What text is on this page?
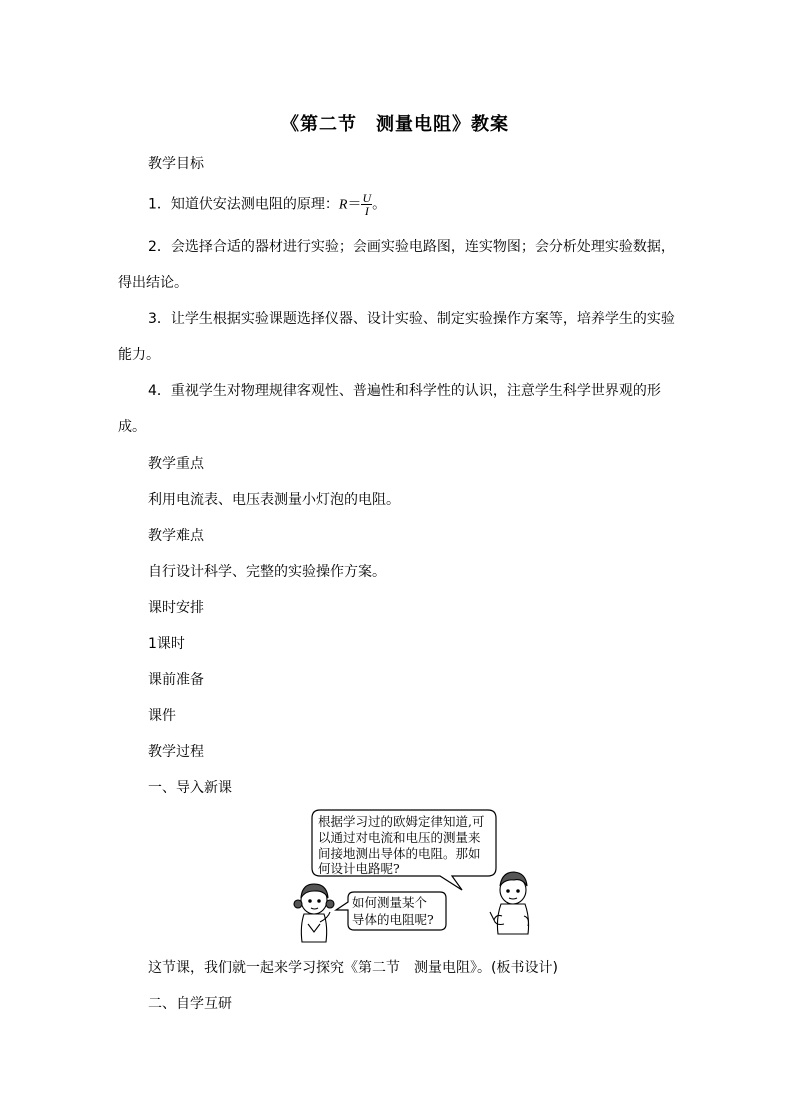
《第二节　测量电阻》教案
教学目标
1．知道伏安法测电阻的原理：$R= \frac{U}{I}$ 。
2．会选择合适的器材进行实验；会画实验电路图，连实物图；会分析处理实验数据，得出结论。
3．让学生根据实验课题选择仪器、设计实验、制定实验操作方案等，培养学生的实验能力。
4．重视学生对物理规律客观性、普遍性和科学性的认识，注意学生科学世界观的形成。
教学重点
利用电流表、电压表测量小灯泡的电阻。
教学难点
自行设计科学、完整的实验操作方案。
课时安排
1课时
课前准备
课件
教学过程
一、导入新课
根据学习过的欧姆定律知道,可
以通过对电流和电压的测量来
间接地测出导体的电阻。那如
何设计电路呢?
如何测量某个
导体的电阻呢?
这节课，我们就一起来学习探究《第二节　测量电阻》。(板书设计)
二、自学互研
